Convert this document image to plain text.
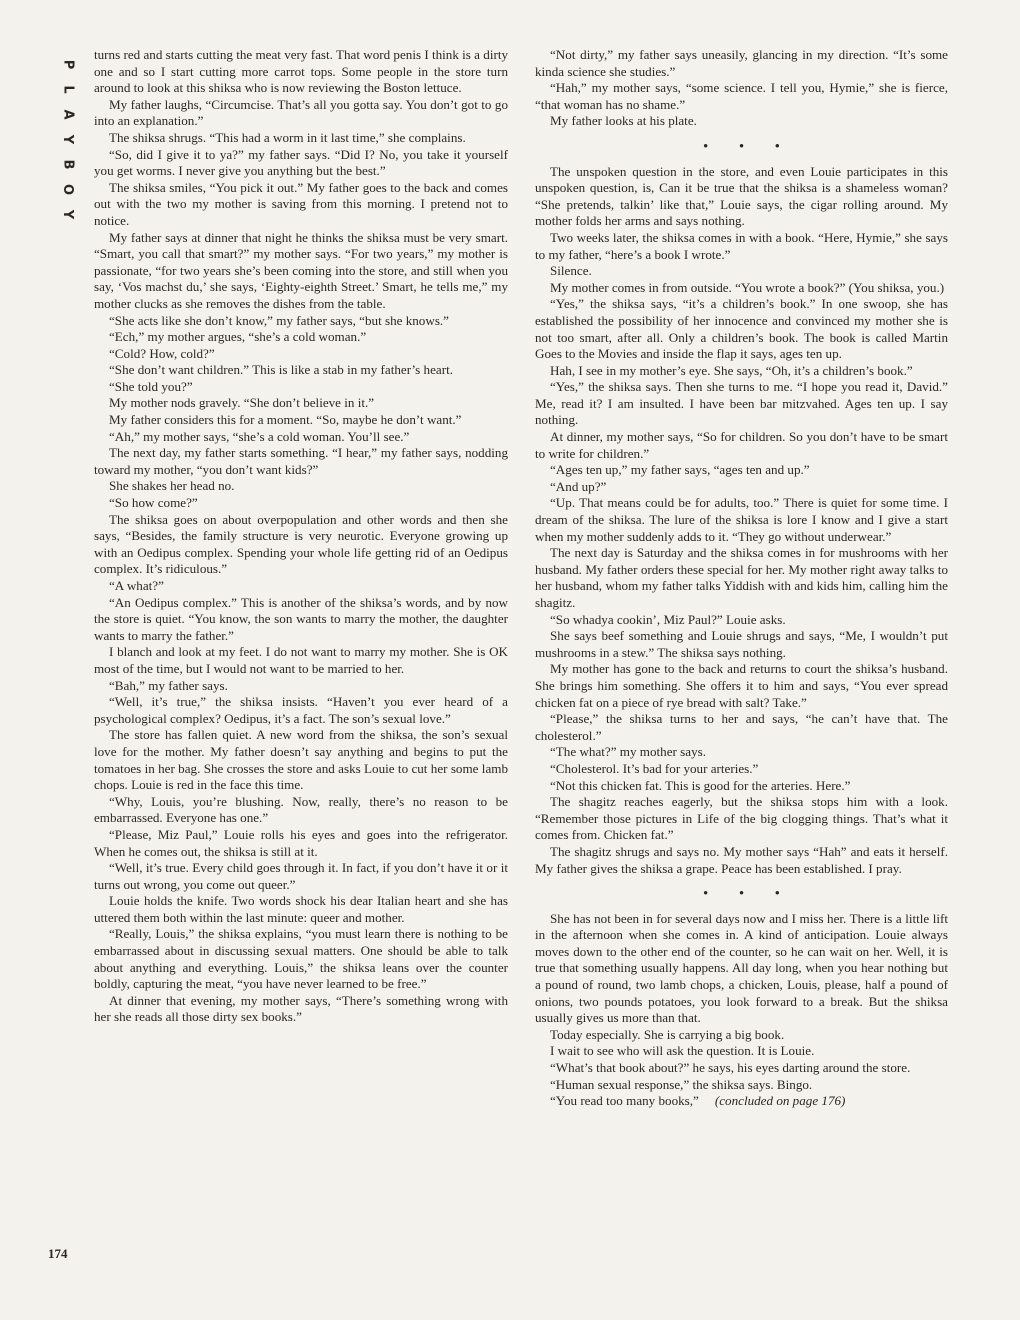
P
L
A
Y
B
O
Y
174

turns red and starts cutting the meat very fast. That word penis I think is a dirty one and so I start cutting more carrot tops. Some people in the store turn around to look at this shiksa who is now reviewing the Boston lettuce.

My father laughs, “Circumcise. That’s all you gotta say. You don’t got to go into an explanation.”

The shiksa shrugs. “This had a worm in it last time,” she complains.

“So, did I give it to ya?” my father says. “Did I? No, you take it yourself you get worms. I never give you anything but the best.”

The shiksa smiles, “You pick it out.” My father goes to the back and comes out with the two my mother is saving from this morning. I pretend not to notice.

My father says at dinner that night he thinks the shiksa must be very smart. “Smart, you call that smart?” my mother says. “For two years,” my mother is passionate, “for two years she’s been coming into the store, and still when you say, ‘Vos machst du,’ she says, ‘Eighty-eighth Street.’ Smart, he tells me,” my mother clucks as she removes the dishes from the table.

“She acts like she don’t know,” my father says, “but she knows.”

“Ech,” my mother argues, “she’s a cold woman.”

“Cold? How, cold?”

“She don’t want children.” This is like a stab in my father’s heart.

“She told you?”

My mother nods gravely. “She don’t believe in it.”

My father considers this for a moment. “So, maybe he don’t want.”

“Ah,” my mother says, “she’s a cold woman. You’ll see.”

The next day, my father starts something. “I hear,” my father says, nodding toward my mother, “you don’t want kids?”

She shakes her head no.

“So how come?”

The shiksa goes on about overpopulation and other words and then she says, “Besides, the family structure is very neurotic. Everyone growing up with an Oedipus complex. Spending your whole life getting rid of an Oedipus complex. It’s ridiculous.”

“A what?”

“An Oedipus complex.” This is another of the shiksa’s words, and by now the store is quiet. “You know, the son wants to marry the mother, the daughter wants to marry the father.”

I blanch and look at my feet. I do not want to marry my mother. She is OK most of the time, but I would not want to be married to her.

“Bah,” my father says.

“Well, it’s true,” the shiksa insists. “Haven’t you ever heard of a psychological complex? Oedipus, it’s a fact. The son’s sexual love.”

The store has fallen quiet. A new word from the shiksa, the son’s sexual love for the mother. My father doesn’t say anything and begins to put the tomatoes in her bag. She crosses the store and asks Louie to cut her some lamb chops. Louie is red in the face this time.

“Why, Louis, you’re blushing. Now, really, there’s no reason to be embarrassed. Everyone has one.”

“Please, Miz Paul,” Louie rolls his eyes and goes into the refrigerator. When he comes out, the shiksa is still at it.

“Well, it’s true. Every child goes through it. In fact, if you don’t have it or it turns out wrong, you come out queer.”

Louie holds the knife. Two words shock his dear Italian heart and she has uttered them both within the last minute: queer and mother.

“Really, Louis,” the shiksa explains, “you must learn there is nothing to be embarrassed about in discussing sexual matters. One should be able to talk about anything and everything. Louis,” the shiksa leans over the counter boldly, capturing the meat, “you have never learned to be free.”

At dinner that evening, my mother says, “There’s something wrong with her she reads all those dirty sex books.”

“Not dirty,” my father says uneasily, glancing in my direction. “It’s some kinda science she studies.”

“Hah,” my mother says, “some science. I tell you, Hymie,” she is fierce, “that woman has no shame.”

My father looks at his plate.

• • •

The unspoken question in the store, and even Louie participates in this unspoken question, is, Can it be true that the shiksa is a shameless woman? “She pretends, talkin’ like that,” Louie says, the cigar rolling around. My mother folds her arms and says nothing.

Two weeks later, the shiksa comes in with a book. “Here, Hymie,” she says to my father, “here’s a book I wrote.”

Silence.

My mother comes in from outside. “You wrote a book?” (You shiksa, you.)

“Yes,” the shiksa says, “it’s a children’s book.” In one swoop, she has established the possibility of her innocence and convinced my mother she is not too smart, after all. Only a children’s book. The book is called Martin Goes to the Movies and inside the flap it says, ages ten up.

Hah, I see in my mother’s eye. She says, “Oh, it’s a children’s book.”

“Yes,” the shiksa says. Then she turns to me. “I hope you read it, David.” Me, read it? I am insulted. I have been bar mitzvahed. Ages ten up. I say nothing.

At dinner, my mother says, “So for children. So you don’t have to be smart to write for children.”

“Ages ten up,” my father says, “ages ten and up.”

“And up?”

“Up. That means could be for adults, too.” There is quiet for some time. I dream of the shiksa. The lure of the shiksa is lore I know and I give a start when my mother suddenly adds to it. “They go without underwear.”

The next day is Saturday and the shiksa comes in for mushrooms with her husband. My father orders these special for her. My mother right away talks to her husband, whom my father talks Yiddish with and kids him, calling him the shagitz.

“So whadya cookin’, Miz Paul?” Louie asks.

She says beef something and Louie shrugs and says, “Me, I wouldn’t put mushrooms in a stew.” The shiksa says nothing.

My mother has gone to the back and returns to court the shiksa’s husband. She brings him something. She offers it to him and says, “You ever spread chicken fat on a piece of rye bread with salt? Take.”

“Please,” the shiksa turns to her and says, “he can’t have that. The cholesterol.”

“The what?” my mother says.

“Cholesterol. It’s bad for your arteries.”

“Not this chicken fat. This is good for the arteries. Here.”

The shagitz reaches eagerly, but the shiksa stops him with a look. “Remember those pictures in Life of the big clogging things. That’s what it comes from. Chicken fat.”

The shagitz shrugs and says no. My mother says “Hah” and eats it herself. My father gives the shiksa a grape. Peace has been established. I pray.

• • •

She has not been in for several days now and I miss her. There is a little lift in the afternoon when she comes in. A kind of anticipation. Louie always moves down to the other end of the counter, so he can wait on her. Well, it is true that something usually happens. All day long, when you hear nothing but a pound of round, two lamb chops, a chicken, Louis, please, half a pound of onions, two pounds potatoes, you look forward to a break. But the shiksa usually gives us more than that.

Today especially. She is carrying a big book.

I wait to see who will ask the question. It is Louie.

“What’s that book about?” he says, his eyes darting around the store.

“Human sexual response,” the shiksa says. Bingo.

“You read too many books,” (concluded on page 176)
